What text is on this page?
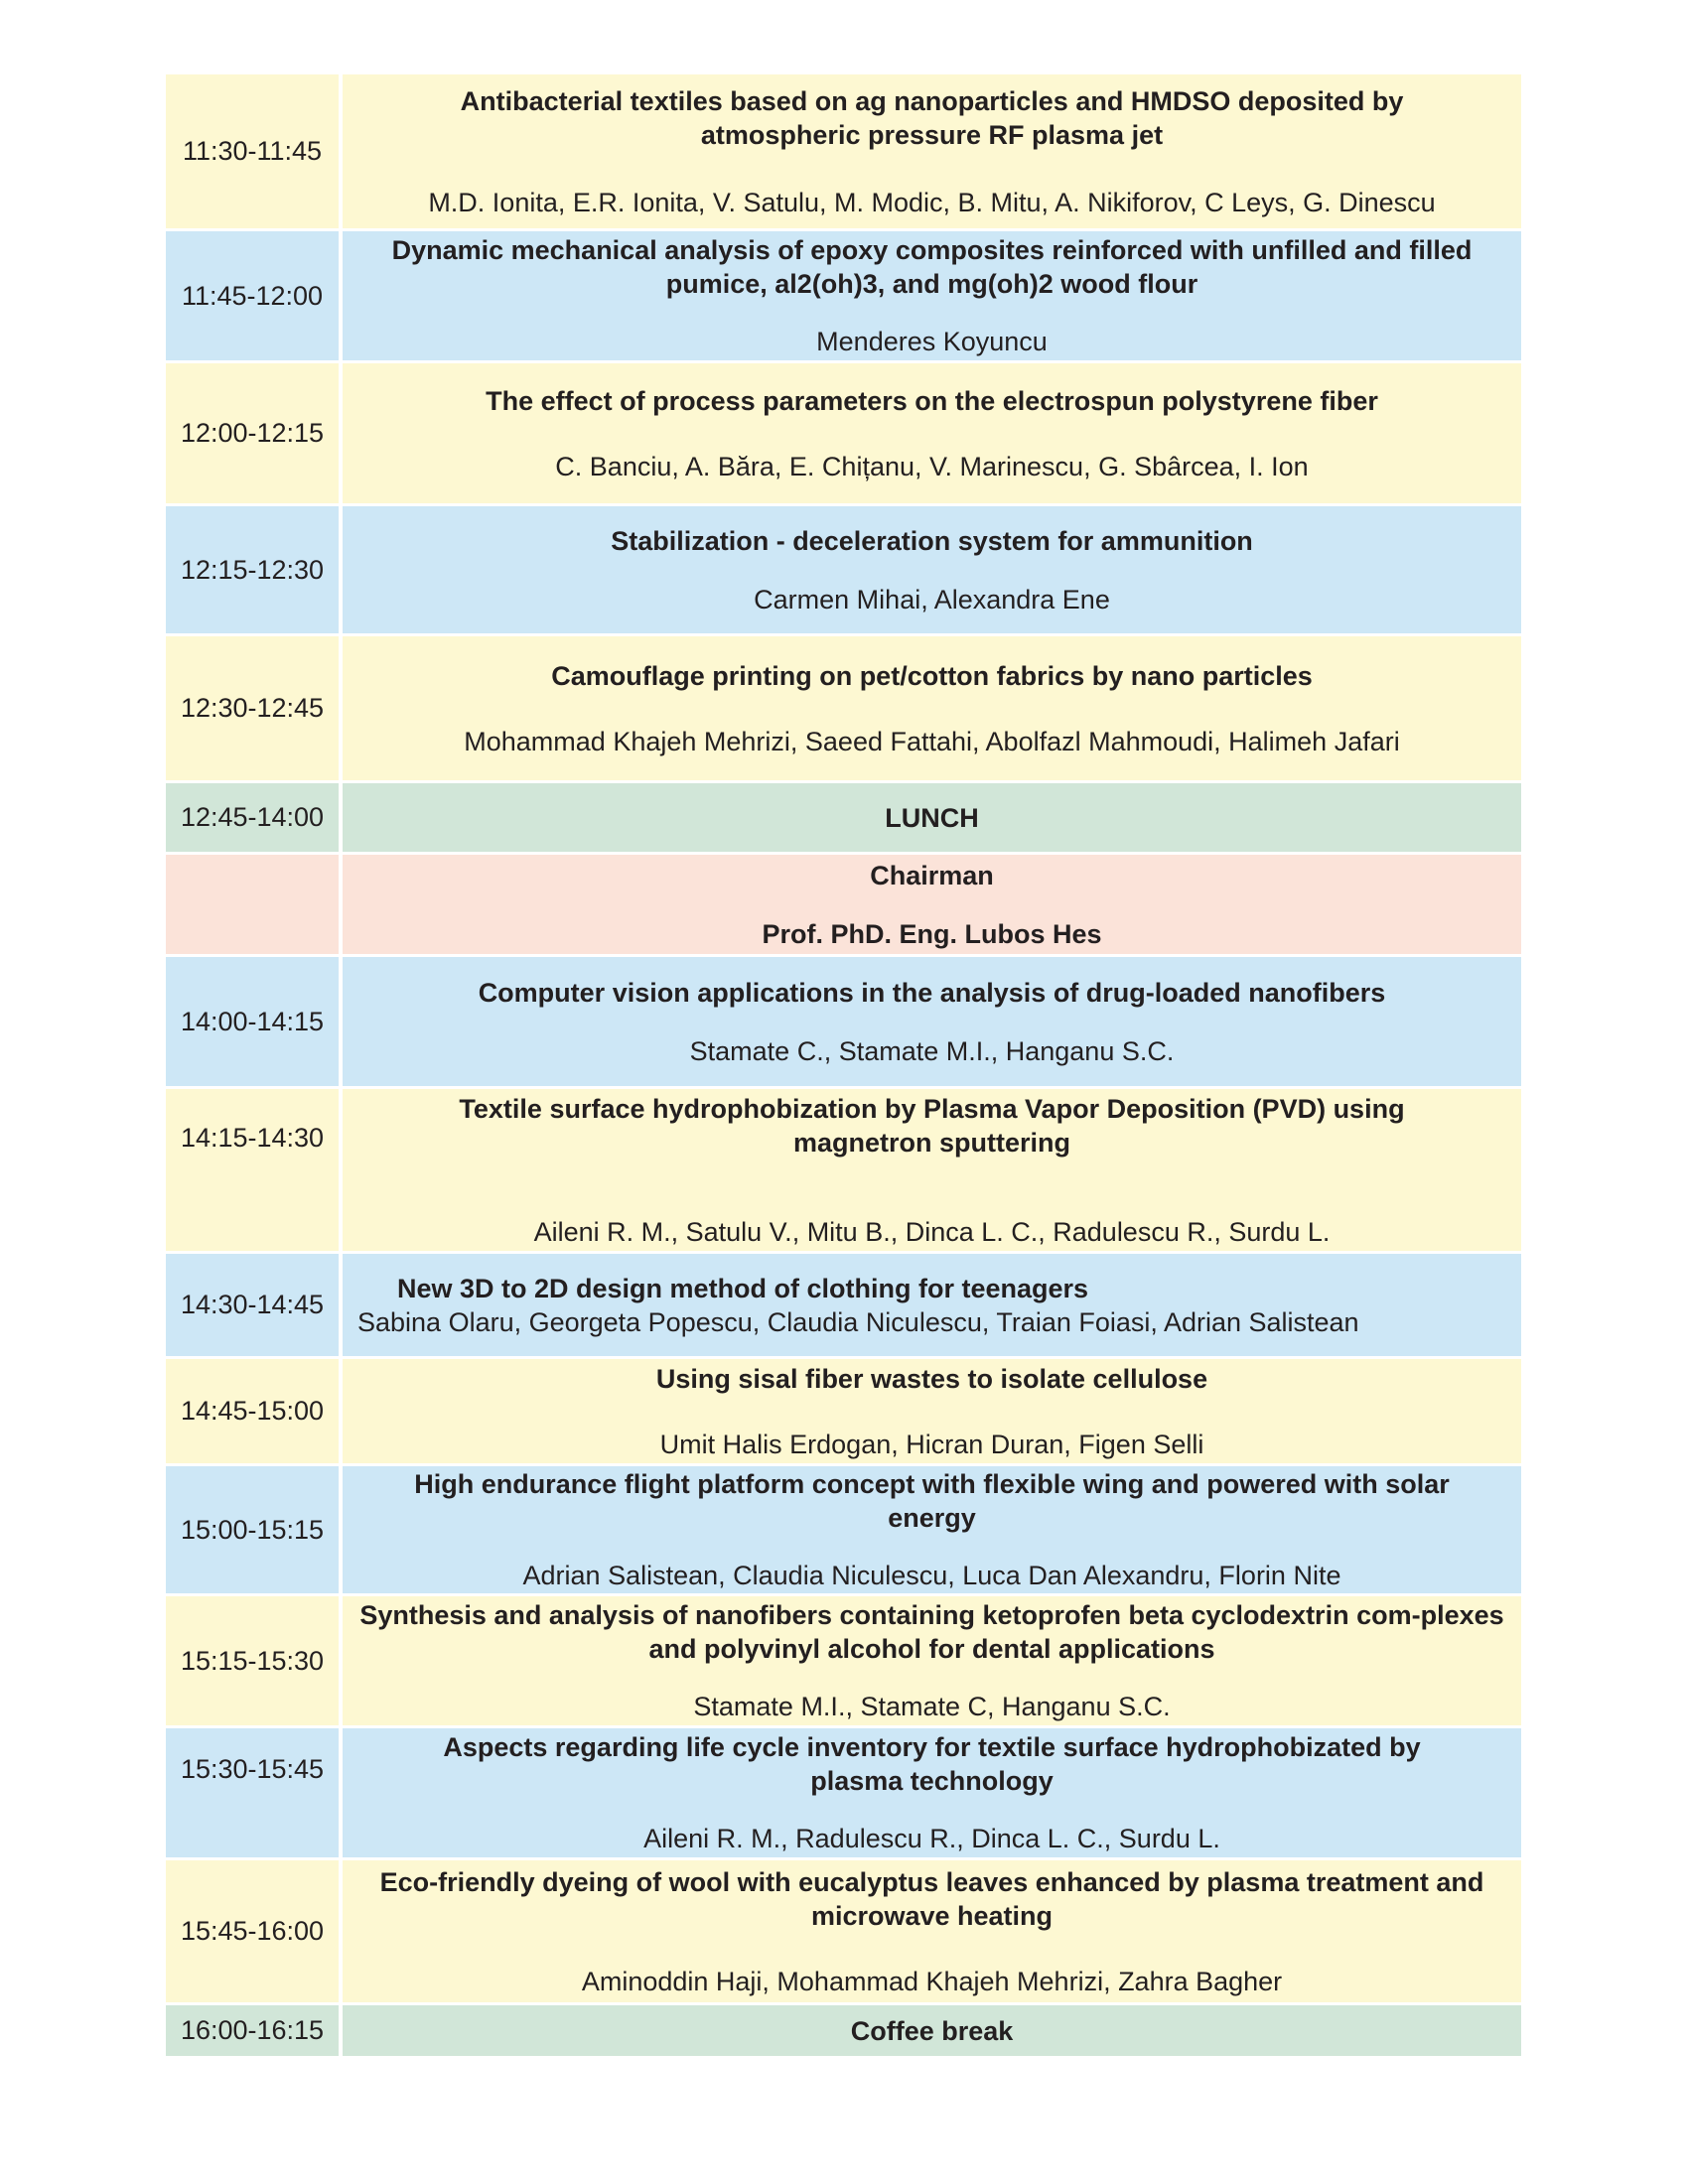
11:30-11:45	Antibacterial textiles based on ag nanoparticles and HMDSO deposited by atmospheric pressure RF plasma jet
M.D. Ionita, E.R. Ionita, V. Satulu, M. Modic, B. Mitu, A. Nikiforov, C Leys, G. Dinescu

11:45-12:00	Dynamic mechanical analysis of epoxy composites reinforced with unfilled and filled pumice, al2(oh)3, and mg(oh)2 wood flour
Menderes Koyuncu

12:00-12:15	The effect of process parameters on the electrospun polystyrene fiber
C. Banciu, A. Băra, E. Chițanu, V. Marinescu, G. Sbârcea, I. Ion

12:15-12:30	Stabilization - deceleration system for ammunition
Carmen Mihai, Alexandra Ene

12:30-12:45	Camouflage printing on pet/cotton fabrics by nano particles
Mohammad Khajeh Mehrizi, Saeed Fattahi, Abolfazl Mahmoudi, Halimeh Jafari

12:45-14:00	LUNCH

	Chairman
Prof. PhD. Eng. Lubos Hes

14:00-14:15	Computer vision applications in the analysis of drug-loaded nanofibers
Stamate C., Stamate M.I., Hanganu S.C.

14:15-14:30	Textile surface hydrophobization by Plasma Vapor Deposition (PVD) using magnetron sputtering
Aileni R. M., Satulu V., Mitu B., Dinca L. C., Radulescu R., Surdu L.

14:30-14:45	New 3D to 2D design method of clothing for teenagers
Sabina Olaru, Georgeta Popescu, Claudia Niculescu, Traian Foiasi, Adrian Salistean

14:45-15:00	Using sisal fiber wastes to isolate cellulose
Umit Halis Erdogan, Hicran Duran, Figen Selli

15:00-15:15	High endurance flight platform concept with flexible wing and powered with solar energy
Adrian Salistean, Claudia Niculescu, Luca Dan Alexandru, Florin Nite

15:15-15:30	Synthesis and analysis of nanofibers containing ketoprofen beta cyclodextrin com-plexes and polyvinyl alcohol for dental applications
Stamate M.I., Stamate C, Hanganu S.C.

15:30-15:45	Aspects regarding life cycle inventory for textile surface hydrophobizated by plasma technology
Aileni R. M., Radulescu R., Dinca L. C., Surdu L.

15:45-16:00	Eco-friendly dyeing of wool with eucalyptus leaves enhanced by plasma treatment and microwave heating
Aminoddin Haji, Mohammad Khajeh Mehrizi, Zahra Bagher

16:00-16:15	Coffee break
